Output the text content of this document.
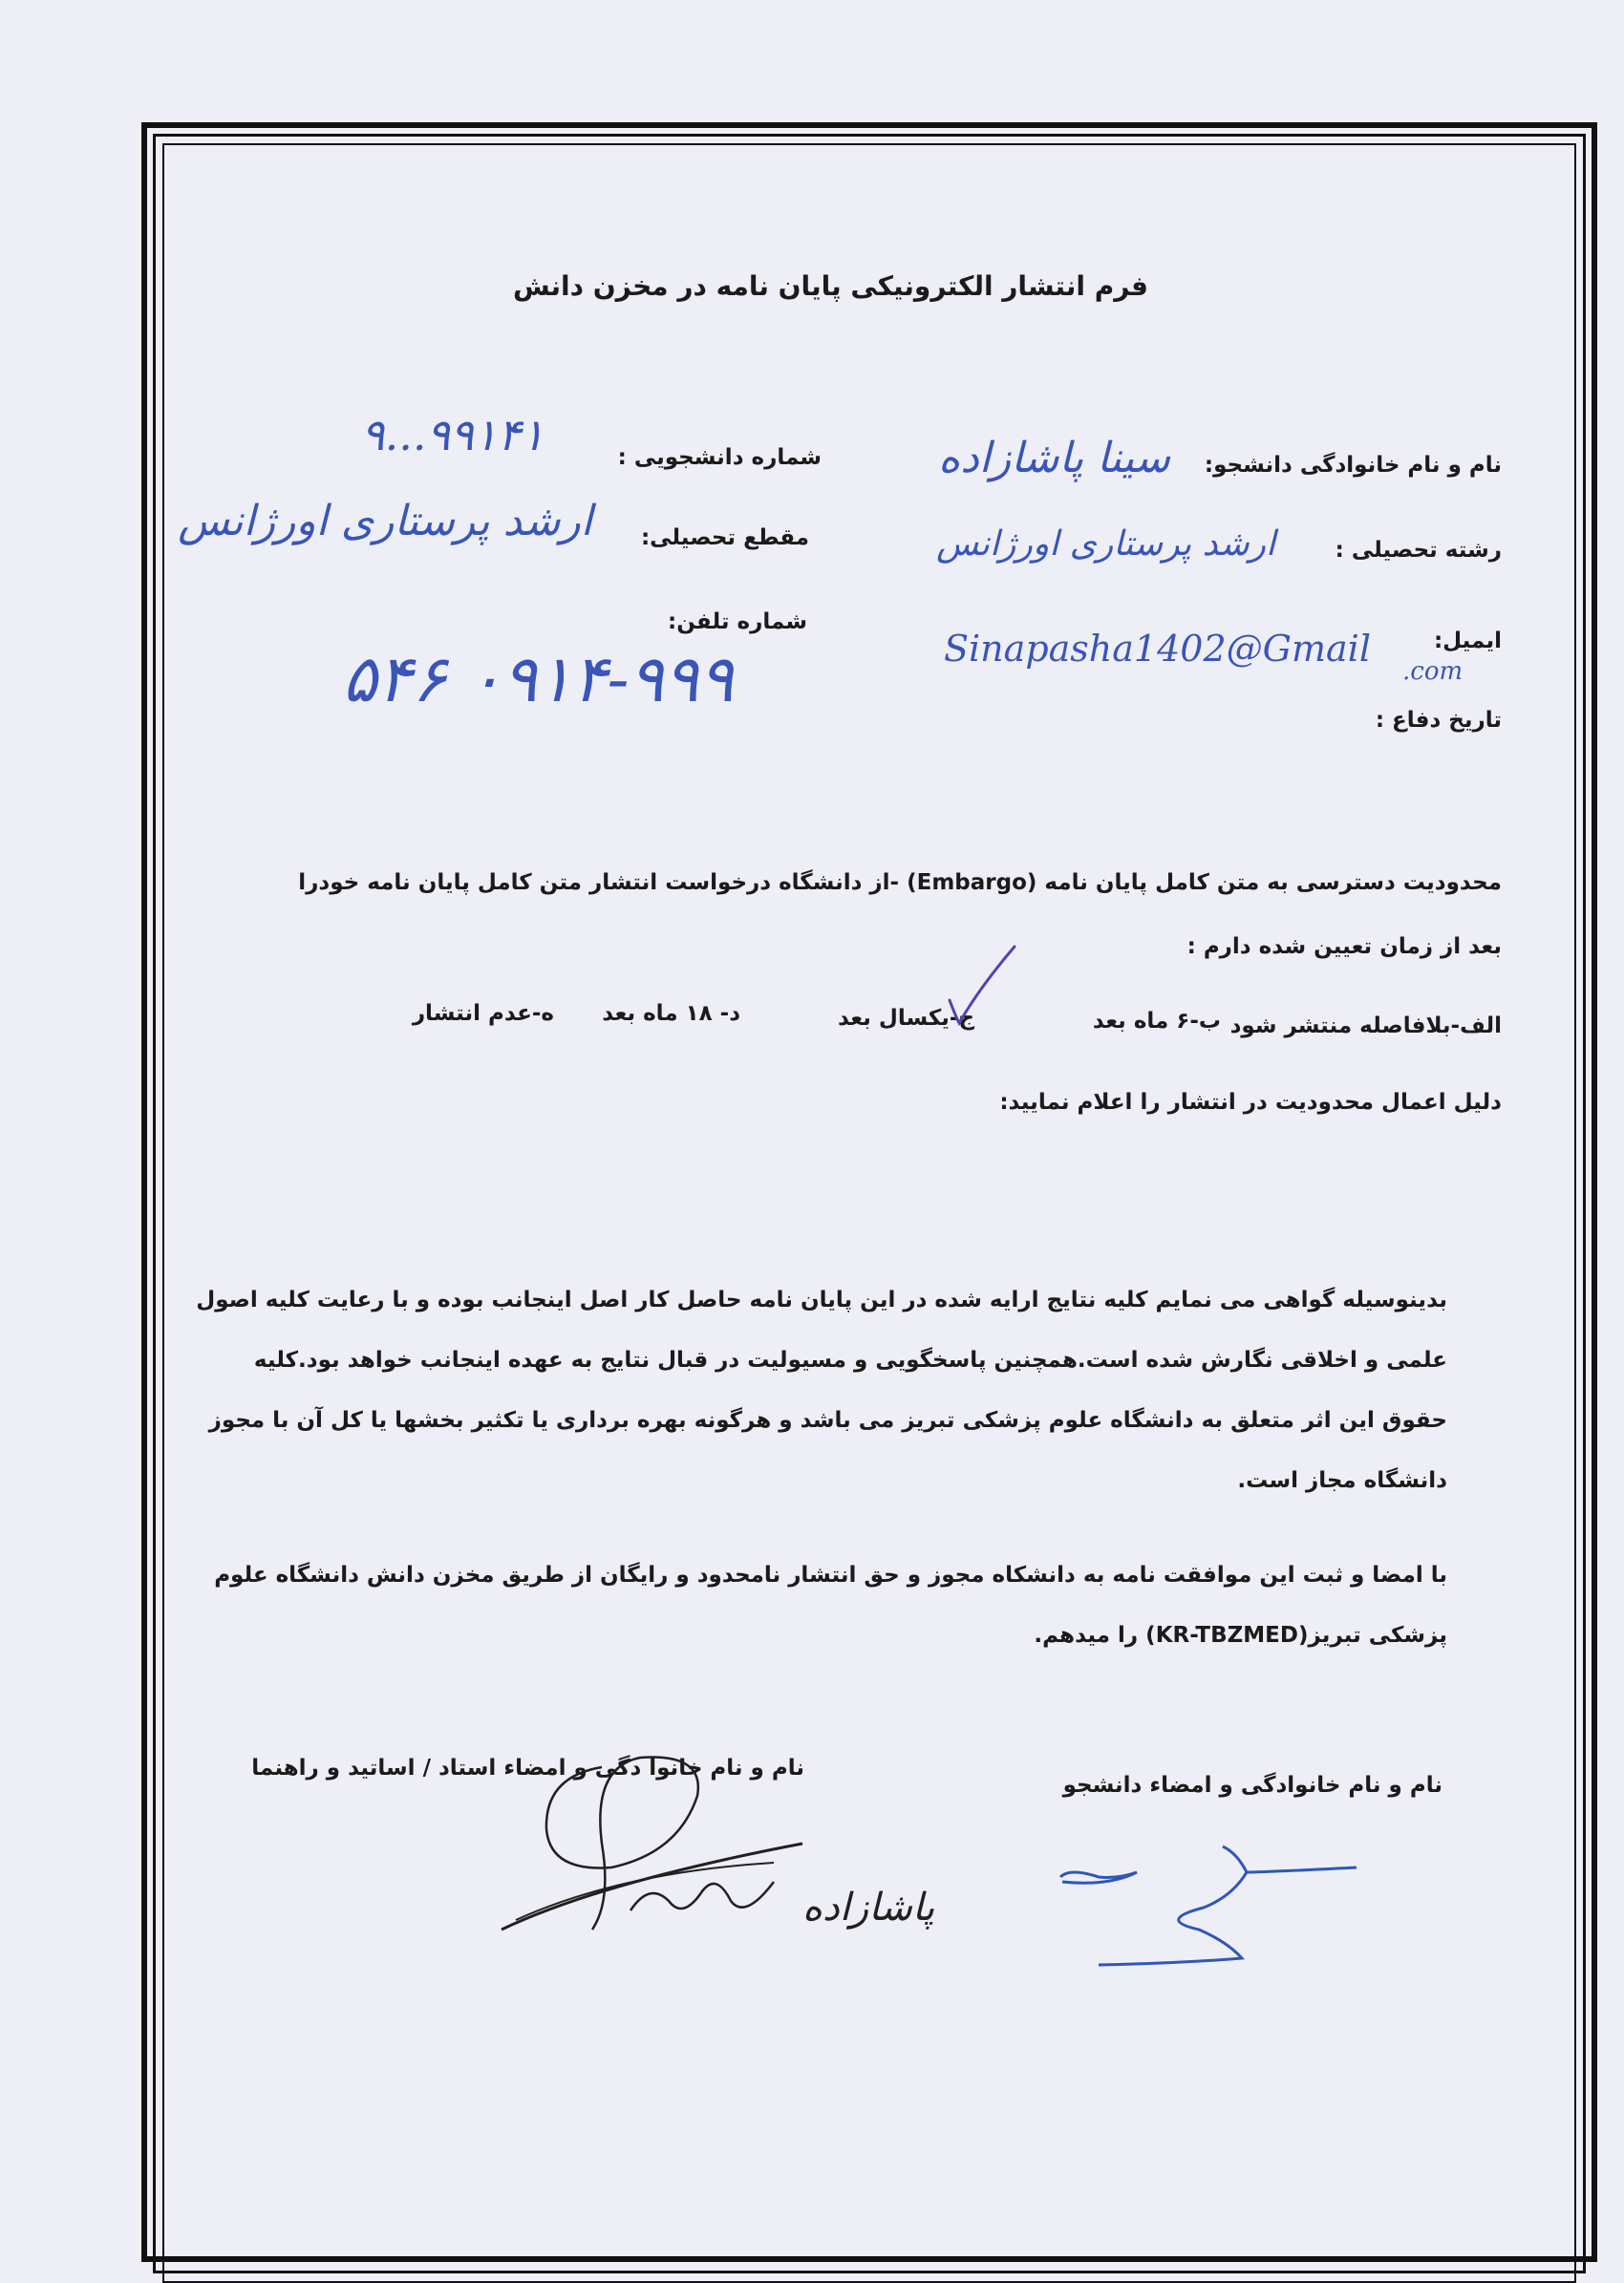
فرم انتشار الکترونیکی پایان نامه در مخزن دانش
نام و نام خانوادگی دانشجو:
شماره دانشجویی :
رشته تحصیلی :
مقطع تحصیلی:
شماره تلفن:
ایمیل:
تاریخ دفاع :
سینا پاشازاده
۹۹۱۴۱...۹
ارشد پرستاری اورژانس
ارشد پرستاری اورژانس
۰۹۱۴-۹۹۹ ۵۴۶	Sinapasha1402@Gmail
.com
محدودیت دسترسی به متن کامل پایان نامه (Embargo) -از دانشگاه درخواست انتشار متن کامل پایان نامه خودرا
بعد از زمان تعیین شده دارم :
الف-بلافاصله منتشر شود
ب-۶ ماه بعد
ج-یکسال بعد
د- ۱۸ ماه بعد
ه-عدم انتشار
دلیل اعمال محدودیت در انتشار را اعلام نمایید:
بدینوسیله گواهی می نمایم کلیه نتایج ارایه شده در این پایان نامه حاصل کار اصل اینجانب بوده و با رعایت کلیه اصول علمی و اخلاقی نگارش شده است.همچنین پاسخگویی و مسیولیت در قبال نتایج به عهده اینجانب خواهد بود.کلیه حقوق این اثر متعلق به دانشگاه علوم پزشکی تبریز می باشد و هرگونه بهره برداری یا تکثیر بخشها یا کل آن با مجوز دانشگاه مجاز است.
با امضا و ثبت این موافقت نامه به دانشکاه مجوز و حق انتشار نامحدود و رایگان از طریق مخزن دانش دانشگاه علوم پزشکی تبریز(KR-TBZMED) را میدهم.
نام و نام خانوا دگی و امضاء استاد / اساتید و راهنما
نام و نام خانوادگی و امضاء دانشجو
پاشازاده
